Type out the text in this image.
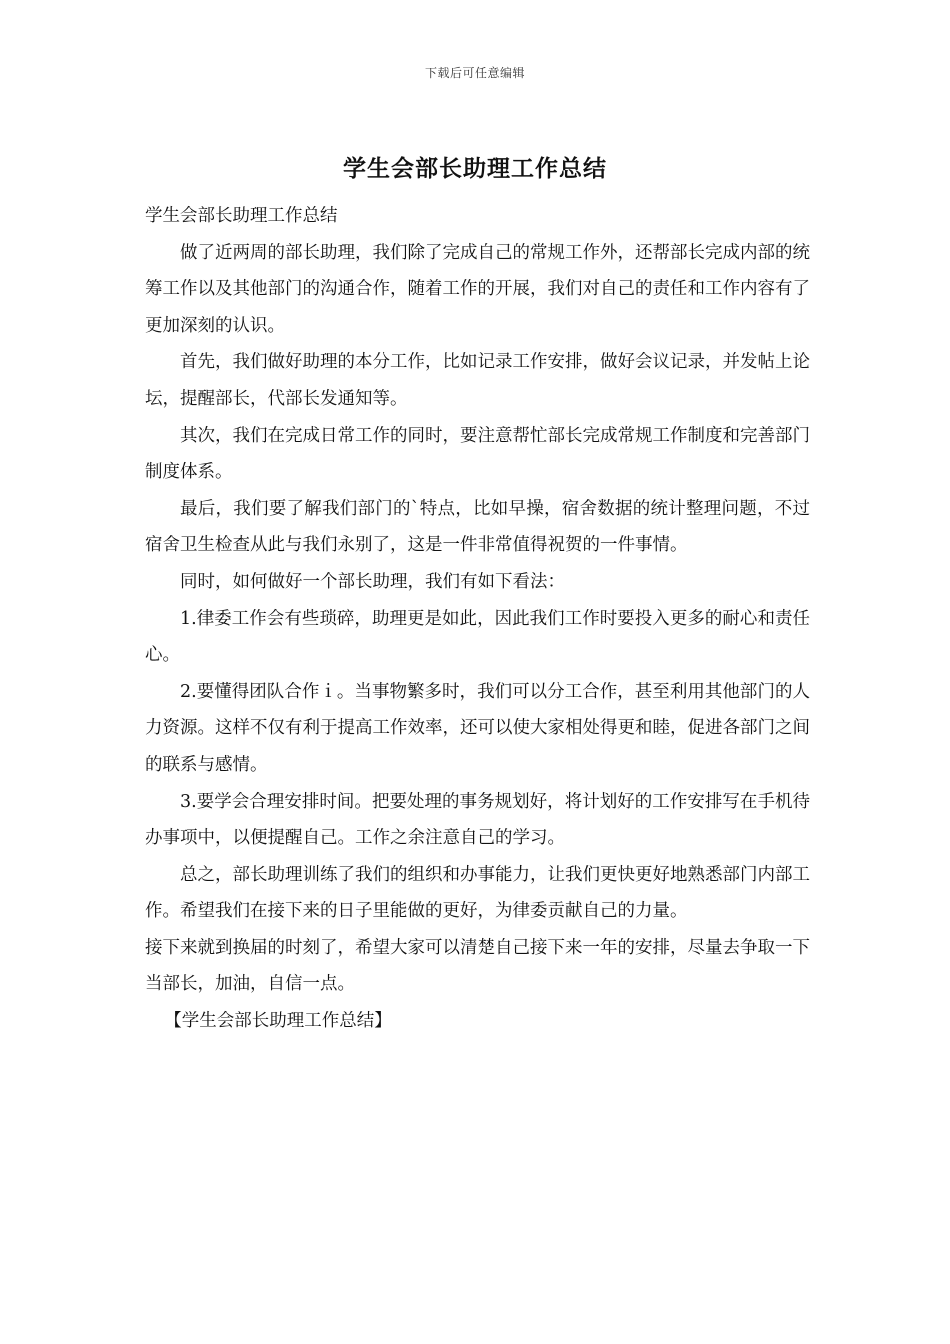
下载后可任意编辑
学生会部长助理工作总结

学生会部长助理工作总结

做了近两周的部长助理，我们除了完成自己的常规工作外，还帮部长完成内部的统筹工作以及其他部门的沟通合作，随着工作的开展，我们对自己的责任和工作内容有了更加深刻的认识。

首先，我们做好助理的本分工作，比如记录工作安排，做好会议记录，并发帖上论坛，提醒部长，代部长发通知等。

其次，我们在完成日常工作的同时，要注意帮忙部长完成常规工作制度和完善部门制度体系。

最后，我们要了解我们部门的`特点，比如早操，宿舍数据的统计整理问题，不过宿舍卫生检查从此与我们永别了，这是一件非常值得祝贺的一件事情。

同时，如何做好一个部长助理，我们有如下看法：

1.律委工作会有些琐碎，助理更是如此，因此我们工作时要投入更多的耐心和责任心。

2.要懂得团队合作ｉ。当事物繁多时，我们可以分工合作，甚至利用其他部门的人力资源。这样不仅有利于提高工作效率，还可以使大家相处得更和睦，促进各部门之间的联系与感情。

3.要学会合理安排时间。把要处理的事务规划好，将计划好的工作安排写在手机待办事项中，以便提醒自己。工作之余注意自己的学习。

总之，部长助理训练了我们的组织和办事能力，让我们更快更好地熟悉部门内部工作。希望我们在接下来的日子里能做的更好，为律委贡献自己的力量。

接下来就到换届的时刻了，希望大家可以清楚自己接下来一年的安排，尽量去争取一下当部长，加油，自信一点。

【学生会部长助理工作总结】
